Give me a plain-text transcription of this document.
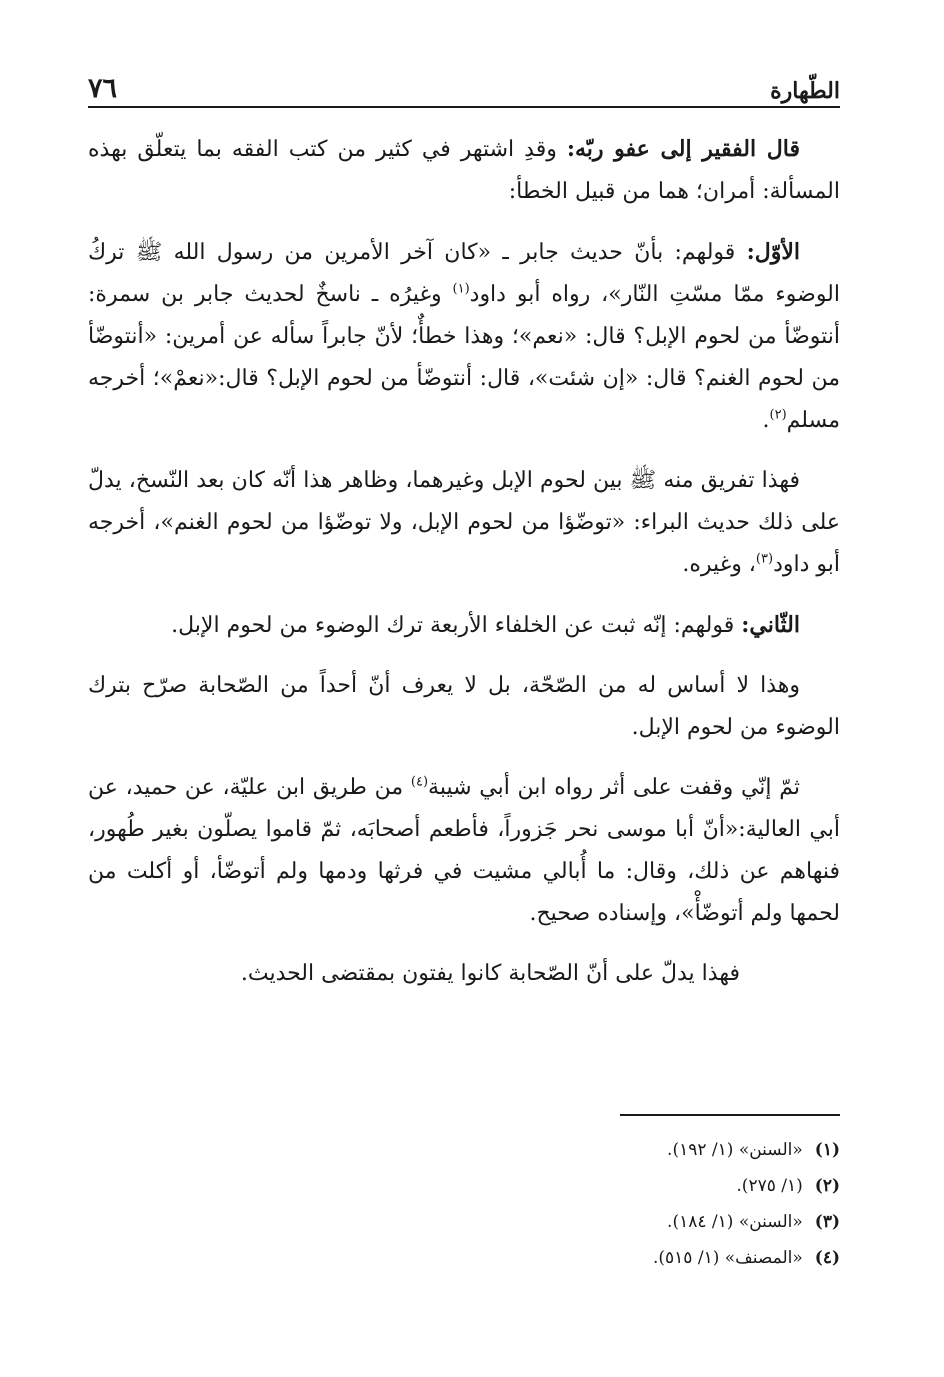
الطّهارة
٧٦

قال الفقير إلى عفو ربّه: وقدِ اشتهر في كثير من كتب الفقه بما يتعلّق بهذه المسألة: أمران؛ هما من قبيل الخطأ:

الأوّل: قولهم: بأنّ حديث جابر ـ «كان آخر الأمرين من رسول الله ﷺ تركُ الوضوء ممّا مسّتِ النّار»، رواه أبو داود$^{(١)}$ وغيرُه ـ ناسخٌ لحديث جابر بن سمرة: أنتوضّأ من لحوم الإبل؟ قال: «نعم»؛ وهذا خطأٌ؛ لأنّ جابراً سأله عن أمرين: «أنتوضّأ من لحوم الغنم؟ قال: «إن شئت»، قال: أنتوضّأ من لحوم الإبل؟ قال:«نعمْ»؛ أخرجه مسلم$^{(٢)}$.

فهذا تفريق منه ﷺ بين لحوم الإبل وغيرهما، وظاهر هذا أنّه كان بعد النّسخ، يدلّ على ذلك حديث البراء: «توضّؤا من لحوم الإبل، ولا توضّؤا من لحوم الغنم»، أخرجه أبو داود$^{(٣)}$، وغيره.

الثّاني: قولهم: إنّه ثبت عن الخلفاء الأربعة ترك الوضوء من لحوم الإبل.

وهذا لا أساس له من الصّحّة، بل لا يعرف أنّ أحداً من الصّحابة صرّح بترك الوضوء من لحوم الإبل.

ثمّ إنّي وقفت على أثر رواه ابن أبي شيبة$^{(٤)}$ من طريق ابن عليّة، عن حميد، عن أبي العالية:«أنّ أبا موسى نحر جَزوراً، فأطعم أصحابَه، ثمّ قاموا يصلّون بغير طُهور، فنهاهم عن ذلك، وقال: ما أُبالي مشيت في فرثها ودمها ولم أتوضّأ، أو أكلت من لحمها ولم أتوضّأْ»، وإسناده صحيح.

فهذا يدلّ على أنّ الصّحابة كانوا يفتون بمقتضى الحديث.

(١)
«السنن» (١/ ١٩٢).
(٢)
(١/ ٢٧٥).
(٣)
«السنن» (١/ ١٨٤).
(٤)
«المصنف» (١/ ٥١٥).
